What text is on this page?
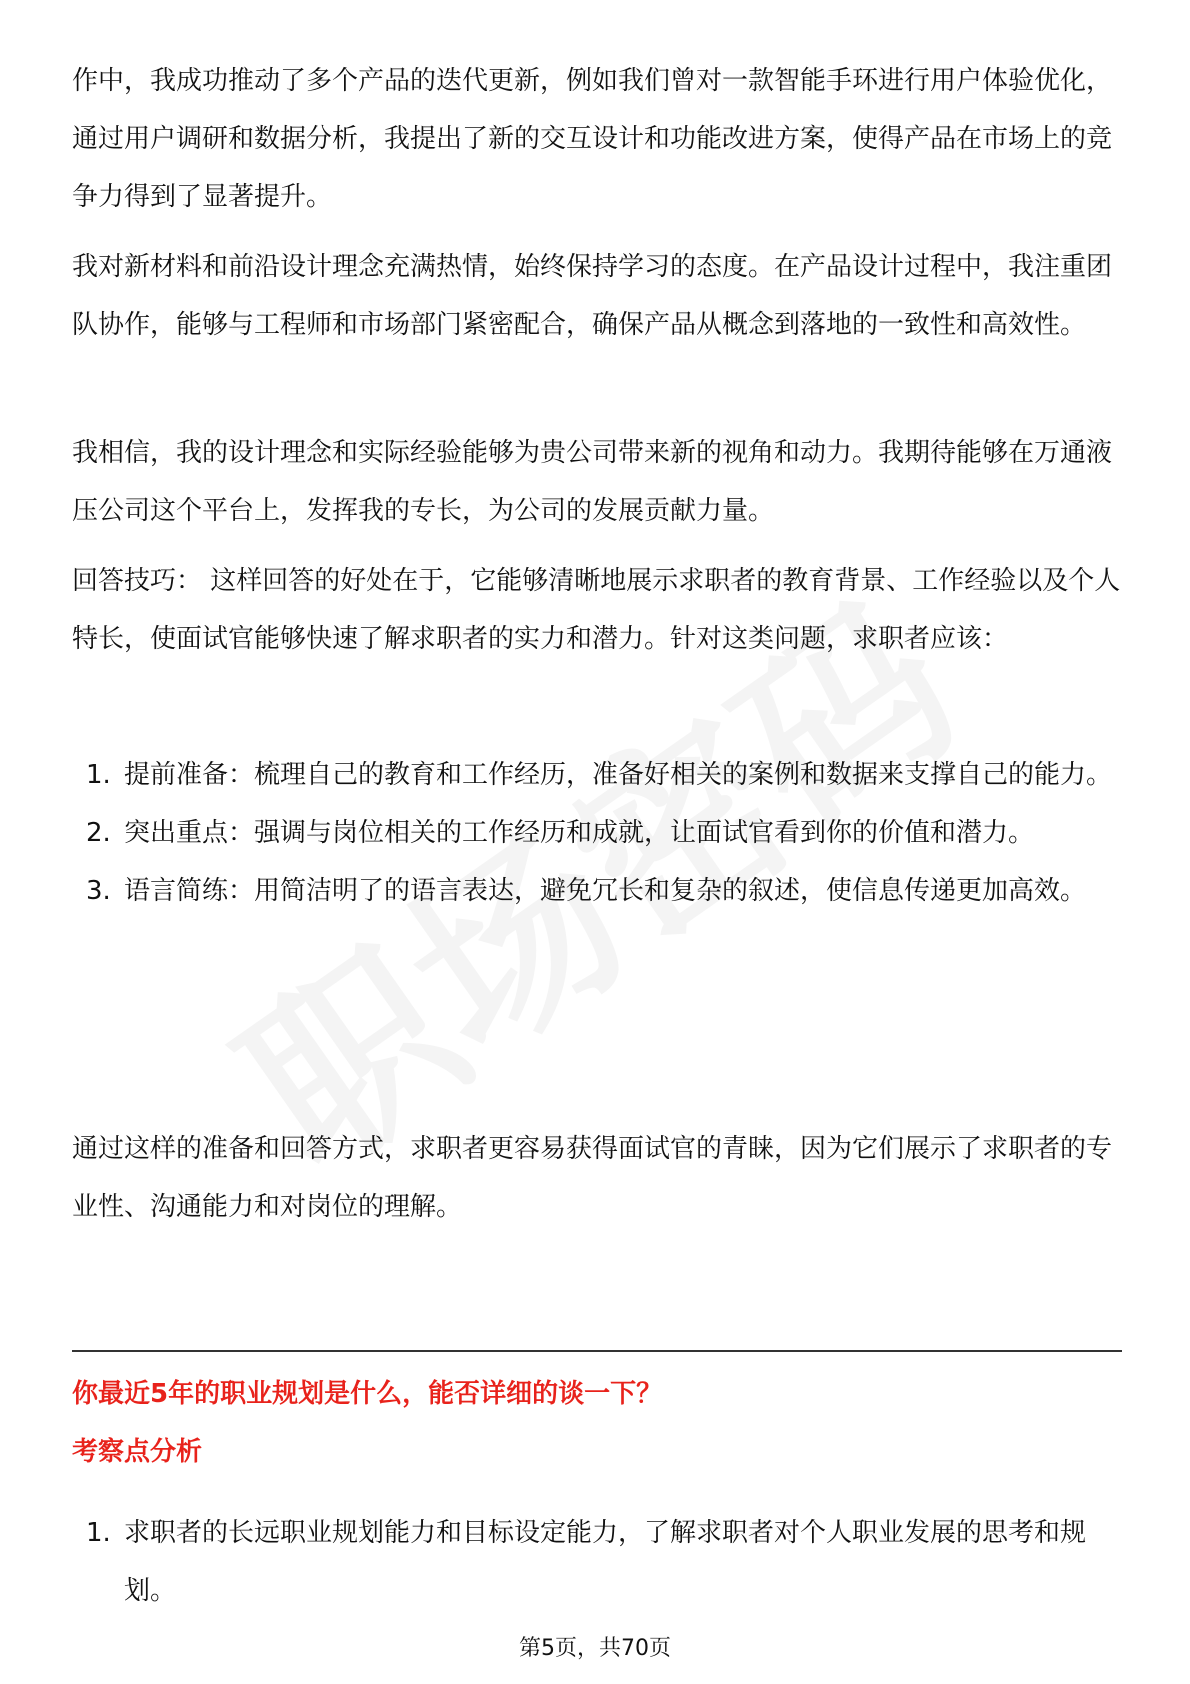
作中，我成功推动了多个产品的迭代更新，例如我们曾对一款智能手环进行用户体验优化，通过用户调研和数据分析，我提出了新的交互设计和功能改进方案，使得产品在市场上的竞争力得到了显著提升。

我对新材料和前沿设计理念充满热情，始终保持学习的态度。在产品设计过程中，我注重团队协作，能够与工程师和市场部门紧密配合，确保产品从概念到落地的一致性和高效性。

我相信，我的设计理念和实际经验能够为贵公司带来新的视角和动力。我期待能够在万通液压公司这个平台上，发挥我的专长，为公司的发展贡献力量。

回答技巧： 这样回答的好处在于，它能够清晰地展示求职者的教育背景、工作经验以及个人特长，使面试官能够快速了解求职者的实力和潜力。针对这类问题，求职者应该：

1. 提前准备：梳理自己的教育和工作经历，准备好相关的案例和数据来支撑自己的能力。
2. 突出重点：强调与岗位相关的工作经历和成就，让面试官看到你的价值和潜力。
3. 语言简练：用简洁明了的语言表达，避免冗长和复杂的叙述，使信息传递更加高效。

通过这样的准备和回答方式，求职者更容易获得面试官的青睐，因为它们展示了求职者的专业性、沟通能力和对岗位的理解。

你最近5年的职业规划是什么，能否详细的谈一下？
考察点分析
1. 求职者的长远职业规划能力和目标设定能力，了解求职者对个人职业发展的思考和规划。
第5页，共70页
